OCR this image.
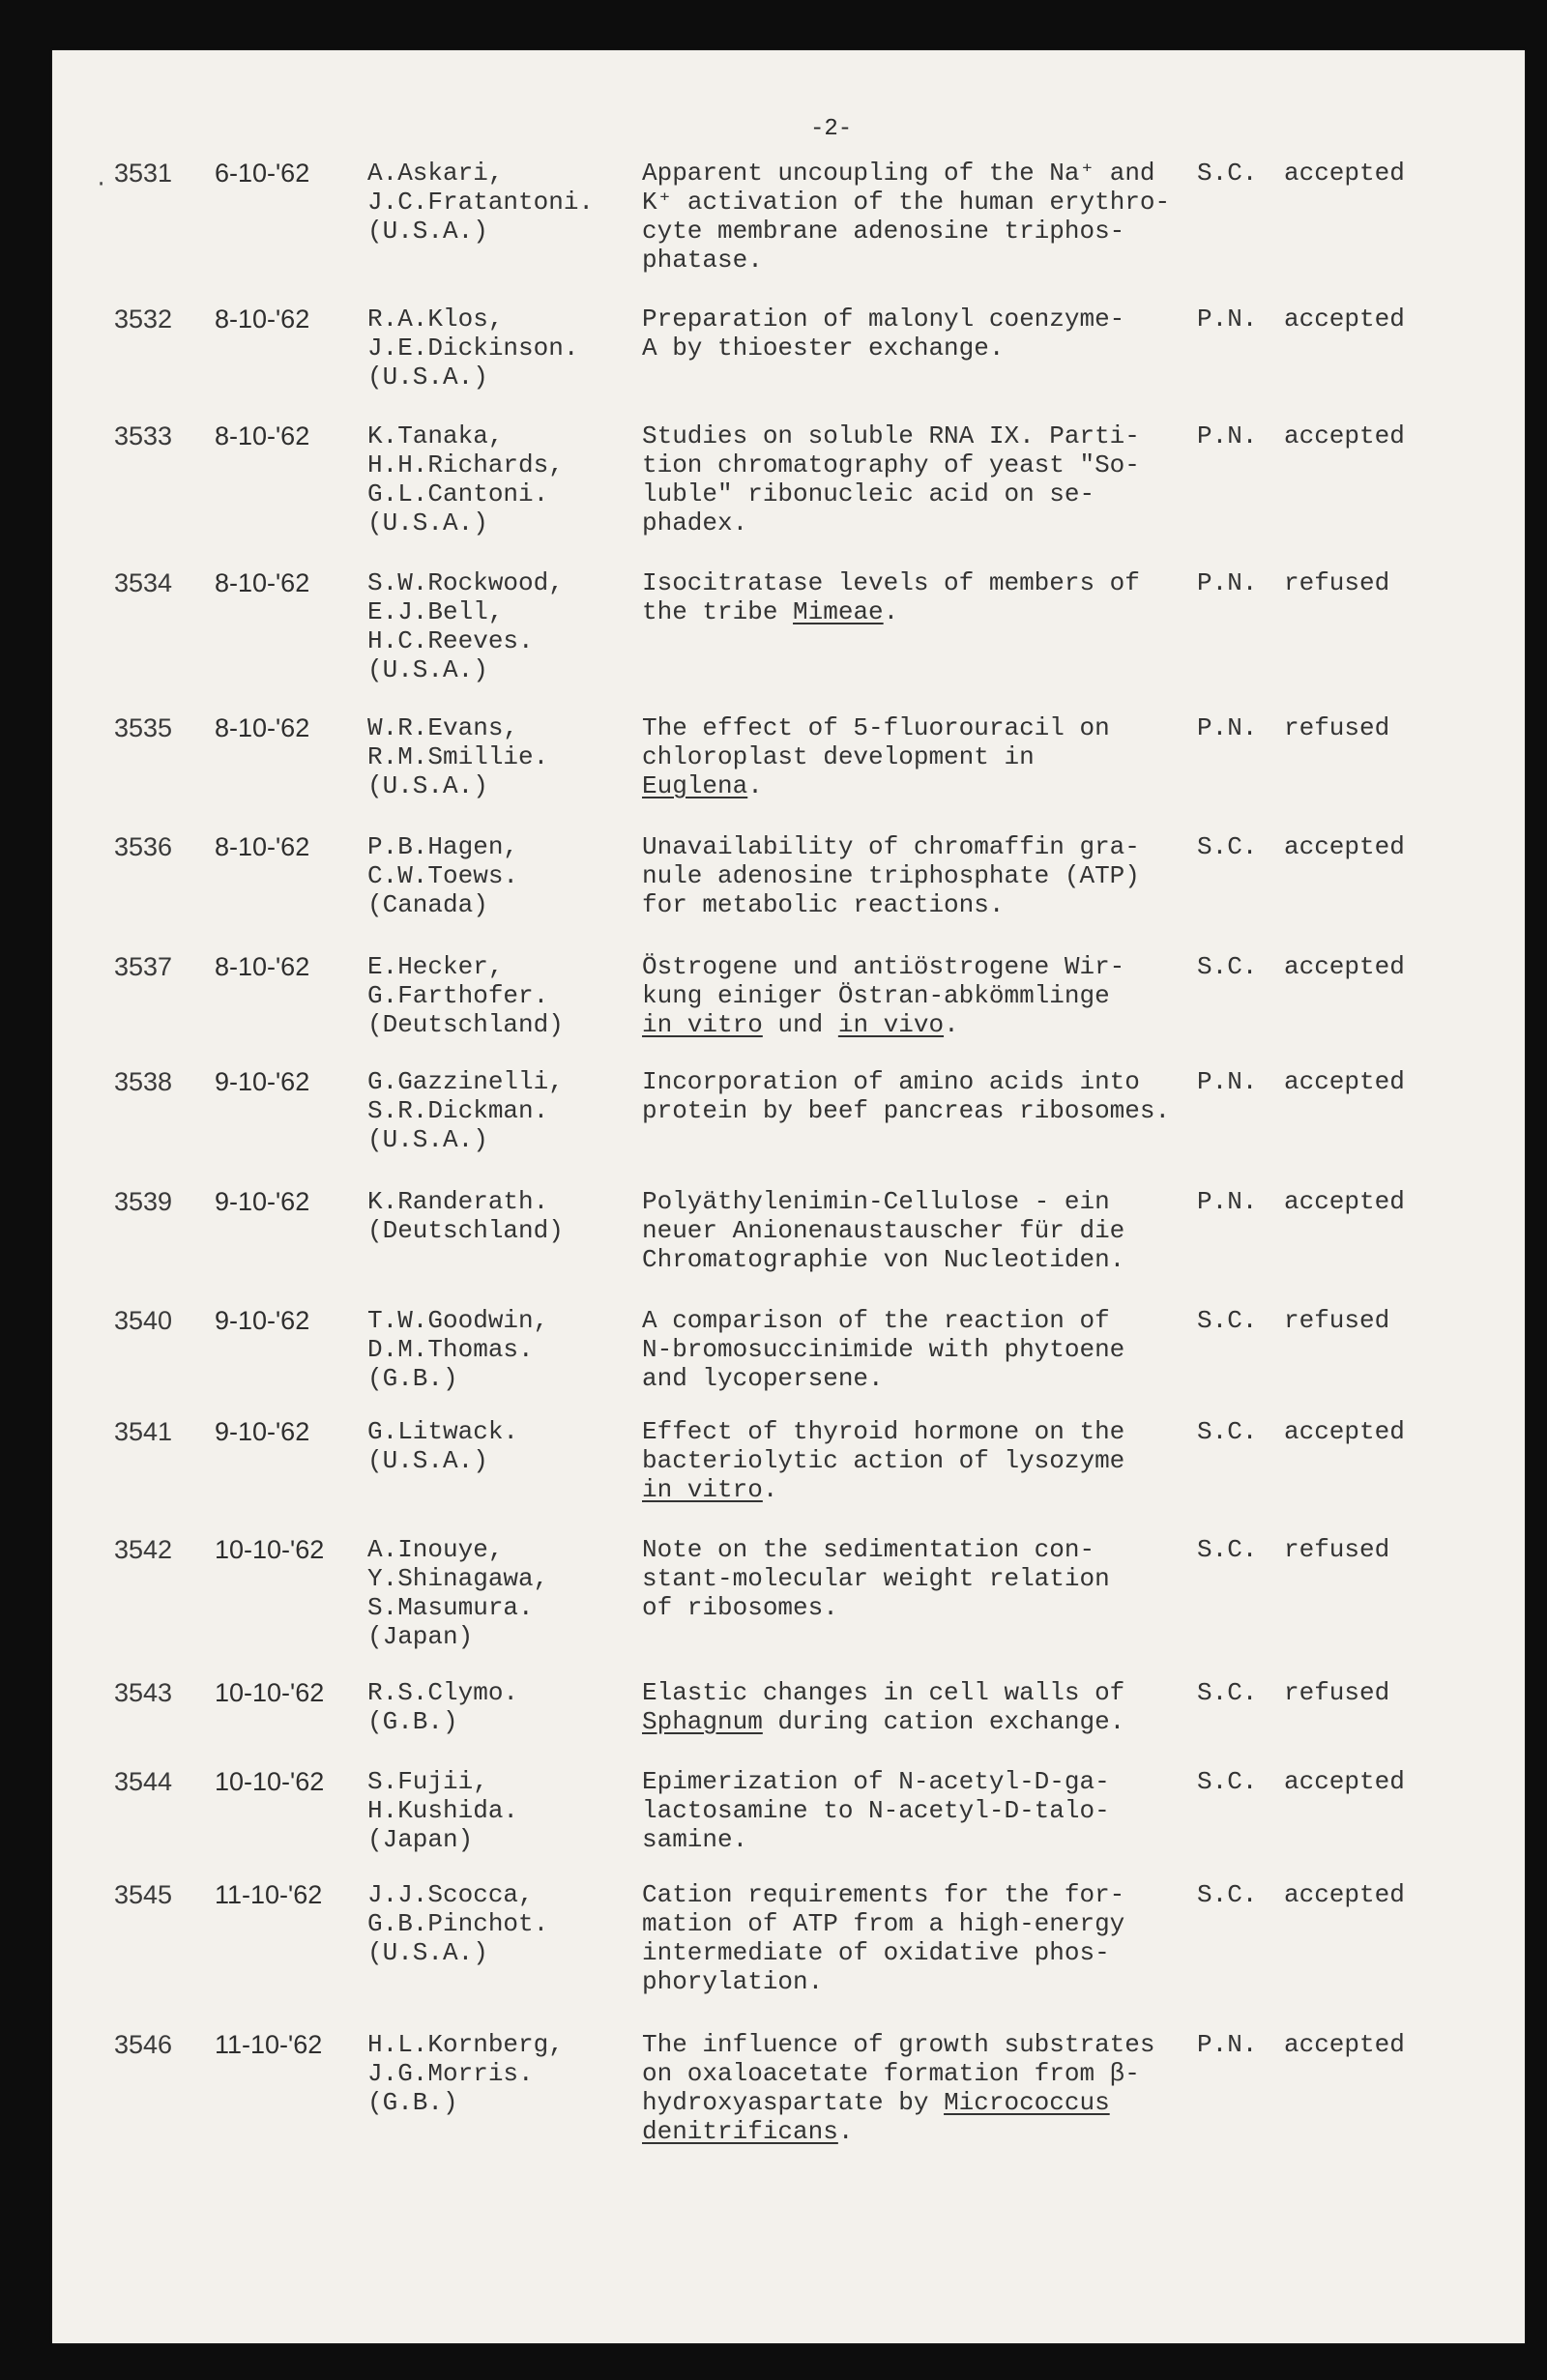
-2-
· 3531 6-10-'62 A.Askari,
J.C.Fratantoni.
(U.S.A.)
Apparent uncoupling of the Na⁺ and
K⁺ activation of the human erythro-
cyte membrane adenosine triphos-
phatase.
S.C. accepted
3532 8-10-'62 R.A.Klos,
J.E.Dickinson.
(U.S.A.)
Preparation of malonyl coenzyme-
A by thioester exchange.
P.N. accepted
3533 8-10-'62 K.Tanaka,
H.H.Richards,
G.L.Cantoni.
(U.S.A.)
Studies on soluble RNA IX. Parti-
tion chromatography of yeast "So-
luble" ribonucleic acid on se-
phadex.
P.N. accepted
3534 8-10-'62 S.W.Rockwood,
E.J.Bell,
H.C.Reeves.
(U.S.A.)
Isocitratase levels of members of
the tribe Mimeae.
P.N. refused
3535 8-10-'62 W.R.Evans,
R.M.Smillie.
(U.S.A.)
The effect of 5-fluorouracil on
chloroplast development in
Euglena.
P.N. refused
3536 8-10-'62 P.B.Hagen,
C.W.Toews.
(Canada)
Unavailability of chromaffin gra-
nule adenosine triphosphate (ATP)
for metabolic reactions.
S.C. accepted
3537 8-10-'62 E.Hecker,
G.Farthofer.
(Deutschland)
Östrogene und antiöstrogene Wir-
kung einiger Östran-abkömmlinge
in vitro und in vivo.
S.C. accepted
3538 9-10-'62 G.Gazzinelli,
S.R.Dickman.
(U.S.A.)
Incorporation of amino acids into
protein by beef pancreas ribosomes.
P.N. accepted
3539 9-10-'62 K.Randerath.
(Deutschland)
Polyäthylenimin-Cellulose - ein
neuer Anionenaustauscher für die
Chromatographie von Nucleotiden.
P.N. accepted
3540 9-10-'62 T.W.Goodwin,
D.M.Thomas.
(G.B.)
A comparison of the reaction of
N-bromosuccinimide with phytoene
and lycopersene.
S.C. refused
3541 9-10-'62 G.Litwack.
(U.S.A.)
Effect of thyroid hormone on the
bacteriolytic action of lysozyme
in vitro.
S.C. accepted
3542 10-10-'62 A.Inouye,
Y.Shinagawa,
S.Masumura.
(Japan)
Note on the sedimentation con-
stant-molecular weight relation
of ribosomes.
S.C. refused
3543 10-10-'62 R.S.Clymo.
(G.B.)
Elastic changes in cell walls of
Sphagnum during cation exchange.
S.C. refused
3544 10-10-'62 S.Fujii,
H.Kushida.
(Japan)
Epimerization of N-acetyl-D-ga-
lactosamine to N-acetyl-D-talo-
samine.
S.C. accepted
3545 11-10-'62 J.J.Scocca,
G.B.Pinchot.
(U.S.A.)
Cation requirements for the for-
mation of ATP from a high-energy
intermediate of oxidative phos-
phorylation.
S.C. accepted
3546 11-10-'62 H.L.Kornberg,
J.G.Morris.
(G.B.)
The influence of growth substrates
on oxaloacetate formation from β-
hydroxyaspartate by Micrococcus
denitrificans.
P.N. accepted
